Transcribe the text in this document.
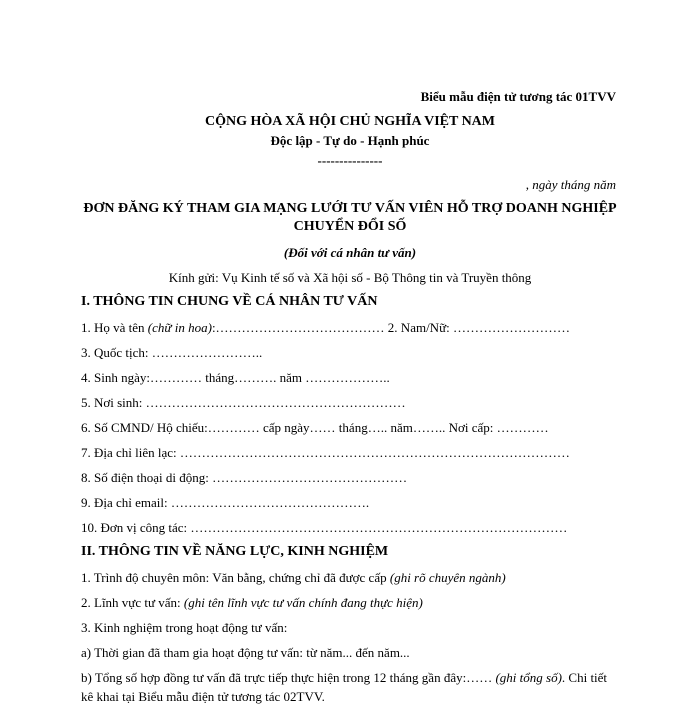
Biểu mẫu điện tử tương tác 01TVV
CỘNG HÒA XÃ HỘI CHỦ NGHĨA VIỆT NAM
Độc lập - Tự do - Hạnh phúc
---------------
, ngày tháng năm
ĐƠN ĐĂNG KÝ THAM GIA MẠNG LƯỚI TƯ VẤN VIÊN HỖ TRỢ DOANH NGHIỆP
CHUYỂN ĐỔI SỐ
(Đối với cá nhân tư vấn)
Kính gửi: Vụ Kinh tế số và Xã hội số - Bộ Thông tin và Truyền thông
I. THÔNG TIN CHUNG VỀ CÁ NHÂN TƯ VẤN
1. Họ và tên (chữ in hoa):………………………………… 2. Nam/Nữ: ………………………
3. Quốc tịch: ……………………..
4. Sinh ngày:………… tháng………. năm ………………..
5. Nơi sinh: ……………………………………………………
6. Số CMND/ Hộ chiếu:………… cấp ngày…… tháng….. năm…….. Nơi cấp: …………
7. Địa chỉ liên lạc: ………………………………………………………………………………
8. Số điện thoại di động: ………………………………………
9. Địa chỉ email: ……………………………………….
10. Đơn vị công tác: ……………………………………………………………………………
II. THÔNG TIN VỀ NĂNG LỰC, KINH NGHIỆM
1. Trình độ chuyên môn: Văn bằng, chứng chỉ đã được cấp (ghi rõ chuyên ngành)
2. Lĩnh vực tư vấn: (ghi tên lĩnh vực tư vấn chính đang thực hiện)
3. Kinh nghiệm trong hoạt động tư vấn:
a) Thời gian đã tham gia hoạt động tư vấn: từ năm... đến năm...
b) Tổng số hợp đồng tư vấn đã trực tiếp thực hiện trong 12 tháng gần đây:…… (ghi tổng số). Chi tiết kê khai tại Biểu mẫu điện tử tương tác 02TVV.
